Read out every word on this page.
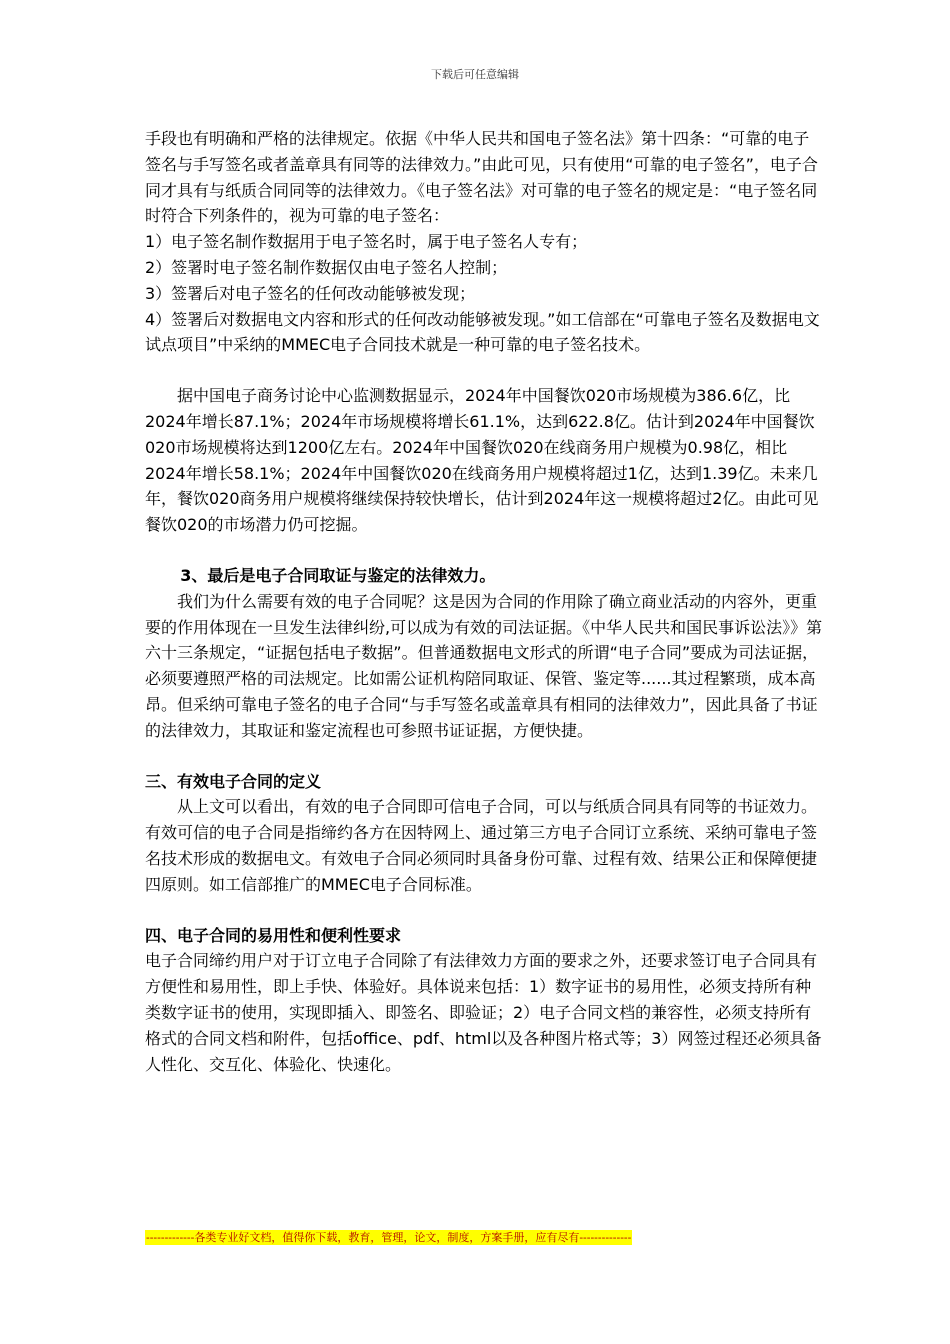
下载后可任意编辑

手段也有明确和严格的法律规定。依据《中华人民共和国电子签名法》第十四条：“可靠的电子签名与手写签名或者盖章具有同等的法律效力。”由此可见，只有使用“可靠的电子签名”，电子合同才具有与纸质合同同等的法律效力。《电子签名法》对可靠的电子签名的规定是：“电子签名同时符合下列条件的，视为可靠的电子签名：

1）电子签名制作数据用于电子签名时，属于电子签名人专有；

2）签署时电子签名制作数据仅由电子签名人控制；

3）签署后对电子签名的任何改动能够被发现；

4）签署后对数据电文内容和形式的任何改动能够被发现。”如工信部在“可靠电子签名及数据电文试点项目”中采纳的MMEC电子合同技术就是一种可靠的电子签名技术。

据中国电子商务讨论中心监测数据显示，2024年中国餐饮020市场规模为386.6亿，比2024年增长87.1%；2024年市场规模将增长61.1%，达到622.8亿。估计到2024年中国餐饮020市场规模将达到1200亿左右。2024年中国餐饮020在线商务用户规模为0.98亿，相比2024年增长58.1%；2024年中国餐饮020在线商务用户规模将超过1亿，达到1.39亿。未来几年，餐饮020商务用户规模将继续保持较快增长，估计到2024年这一规模将超过2亿。由此可见餐饮020的市场潜力仍可挖掘。

3、最后是电子合同取证与鉴定的法律效力。

我们为什么需要有效的电子合同呢？这是因为合同的作用除了确立商业活动的内容外，更重要的作用体现在一旦发生法律纠纷,可以成为有效的司法证据。《中华人民共和国民事诉讼法》》第六十三条规定，“证据包括电子数据”。但普通数据电文形式的所谓“电子合同”要成为司法证据，必须要遵照严格的司法规定。比如需公证机构陪同取证、保管、鉴定等......其过程繁琐，成本高昂。但采纳可靠电子签名的电子合同“与手写签名或盖章具有相同的法律效力”，因此具备了书证的法律效力，其取证和鉴定流程也可参照书证证据，方便快捷。

三、有效电子合同的定义

从上文可以看出，有效的电子合同即可信电子合同，可以与纸质合同具有同等的书证效力。有效可信的电子合同是指缔约各方在因特网上、通过第三方电子合同订立系统、采纳可靠电子签名技术形成的数据电文。有效电子合同必须同时具备身份可靠、过程有效、结果公正和保障便捷四原则。如工信部推广的MMEC电子合同标准。

四、电子合同的易用性和便利性要求

电子合同缔约用户对于订立电子合同除了有法律效力方面的要求之外，还要求签订电子合同具有方便性和易用性，即上手快、体验好。具体说来包括：1）数字证书的易用性，必须支持所有种类数字证书的使用，实现即插入、即签名、即验证；2）电子合同文档的兼容性，必须支持所有格式的合同文档和附件，包括office、pdf、html以及各种图片格式等；3）网签过程还必须具备人性化、交互化、体验化、快速化。

-------------各类专业好文档，值得你下载，教育，管理，论文，制度，方案手册，应有尽有--------------
